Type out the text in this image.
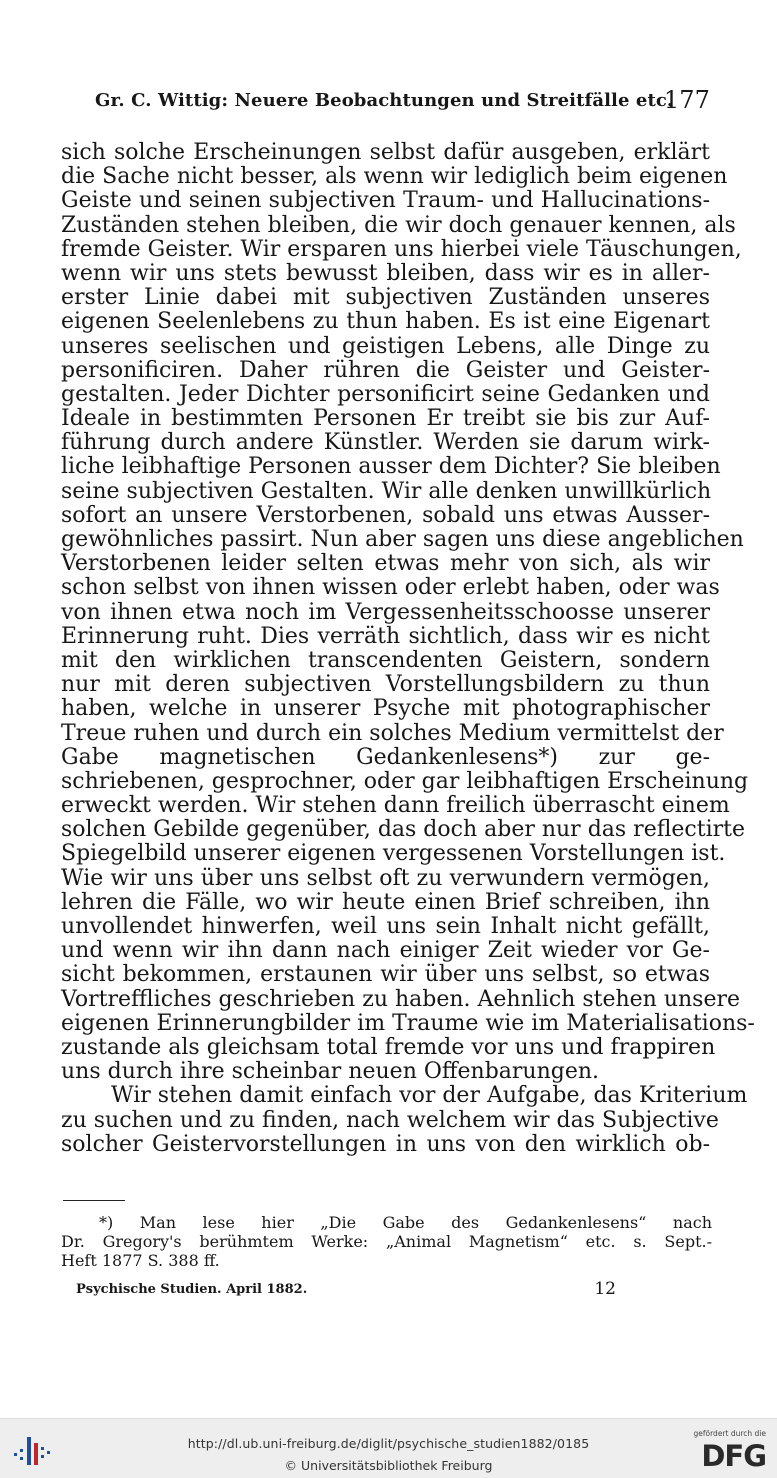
Gr. C. Wittig: Neuere Beobachtungen und Streitfälle etc.
177
sich solche Erscheinungen selbst dafür ausgeben, erklärt
die Sache nicht besser, als wenn wir lediglich beim eigenen
Geiste und seinen subjectiven Traum- und Hallucinations-
Zuständen stehen bleiben, die wir doch genauer kennen, als
fremde Geister. Wir ersparen uns hierbei viele Täuschungen,
wenn wir uns stets bewusst bleiben, dass wir es in aller-
erster Linie dabei mit subjectiven Zuständen unseres
eigenen Seelenlebens zu thun haben. Es ist eine Eigenart
unseres seelischen und geistigen Lebens, alle Dinge zu
personificiren. Daher rühren die Geister und Geister-
gestalten. Jeder Dichter personificirt seine Gedanken und
Ideale in bestimmten Personen Er treibt sie bis zur Auf-
führung durch andere Künstler. Werden sie darum wirk-
liche leibhaftige Personen ausser dem Dichter? Sie bleiben
seine subjectiven Gestalten. Wir alle denken unwillkürlich
sofort an unsere Verstorbenen, sobald uns etwas Ausser-
gewöhnliches passirt. Nun aber sagen uns diese angeblichen
Verstorbenen leider selten etwas mehr von sich, als wir
schon selbst von ihnen wissen oder erlebt haben, oder was
von ihnen etwa noch im Vergessenheitsschoosse unserer
Erinnerung ruht. Dies verräth sichtlich, dass wir es nicht
mit den wirklichen transcendenten Geistern, sondern
nur mit deren subjectiven Vorstellungsbildern zu thun
haben, welche in unserer Psyche mit photographischer
Treue ruhen und durch ein solches Medium vermittelst der
Gabe magnetischen Gedankenlesens*) zur ge-
schriebenen, gesprochner, oder gar leibhaftigen Erscheinung
erweckt werden. Wir stehen dann freilich überrascht einem
solchen Gebilde gegenüber, das doch aber nur das reflectirte
Spiegelbild unserer eigenen vergessenen Vorstellungen ist.
Wie wir uns über uns selbst oft zu verwundern vermögen,
lehren die Fälle, wo wir heute einen Brief schreiben, ihn
unvollendet hinwerfen, weil uns sein Inhalt nicht gefällt,
und wenn wir ihn dann nach einiger Zeit wieder vor Ge-
sicht bekommen, erstaunen wir über uns selbst, so etwas
Vortreffliches geschrieben zu haben. Aehnlich stehen unsere
eigenen Erinnerungbilder im Traume wie im Materialisations-
zustande als gleichsam total fremde vor uns und frappiren
uns durch ihre scheinbar neuen Offenbarungen.
Wir stehen damit einfach vor der Aufgabe, das Kriterium
zu suchen und zu finden, nach welchem wir das Subjective
solcher Geistervorstellungen in uns von den wirklich ob-
*) Man lese hier „Die Gabe des Gedankenlesens“ nach
Dr. Gregory's berühmtem Werke: „Animal Magnetism“ etc. s. Sept.-
Heft 1877 S. 388 ff.
Psychische Studien. April 1882.	12
http://dl.ub.uni-freiburg.de/diglit/psychische_studien1882/0185
© Universitätsbibliothek Freiburg
gefördert durch die
DFG
